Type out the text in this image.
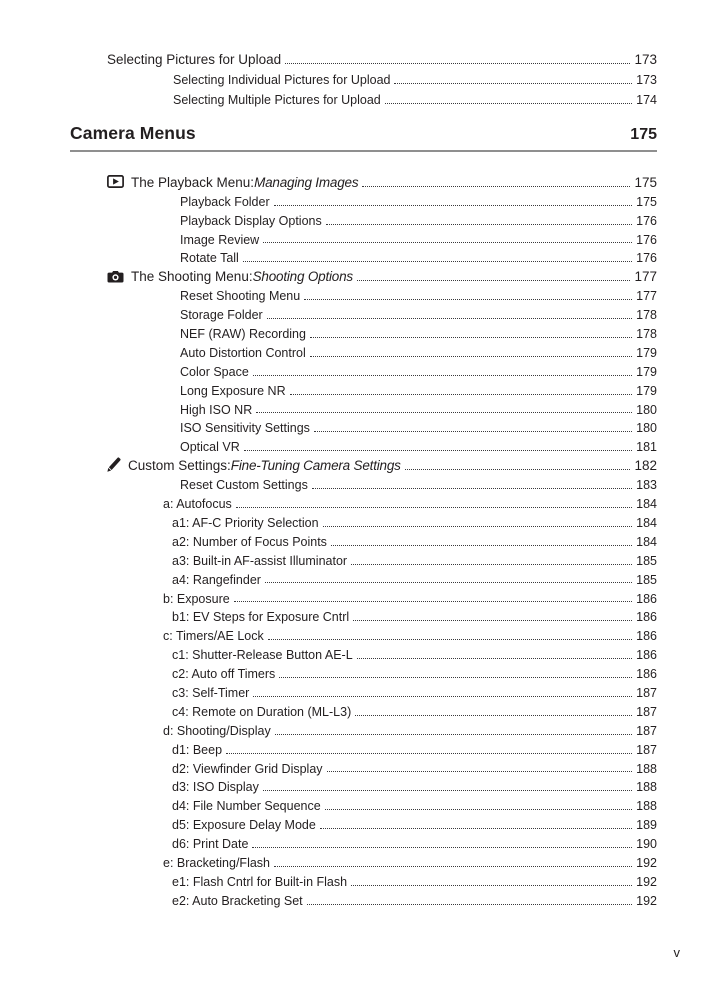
Selecting Pictures for Upload	173
Selecting Individual Pictures for Upload	173
Selecting Multiple Pictures for Upload	174
Camera Menus	175
The Playback Menu: Managing Images	175
Playback Folder	175
Playback Display Options	176
Image Review	176
Rotate Tall	176
The Shooting Menu: Shooting Options	177
Reset Shooting Menu	177
Storage Folder	178
NEF (RAW) Recording	178
Auto Distortion Control	179
Color Space	179
Long Exposure NR	179
High ISO NR	180
ISO Sensitivity Settings	180
Optical VR	181
Custom Settings: Fine-Tuning Camera Settings	182
Reset Custom Settings	183
a: Autofocus	184
a1: AF-C Priority Selection	184
a2: Number of Focus Points	184
a3: Built-in AF-assist Illuminator	185
a4: Rangefinder	185
b: Exposure	186
b1: EV Steps for Exposure Cntrl	186
c: Timers/AE Lock	186
c1: Shutter-Release Button AE-L	186
c2: Auto off Timers	186
c3: Self-Timer	187
c4: Remote on Duration (ML-L3)	187
d: Shooting/Display	187
d1: Beep	187
d2: Viewfinder Grid Display	188
d3: ISO Display	188
d4: File Number Sequence	188
d5: Exposure Delay Mode	189
d6: Print Date	190
e: Bracketing/Flash	192
e1: Flash Cntrl for Built-in Flash	192
e2: Auto Bracketing Set	192
v
